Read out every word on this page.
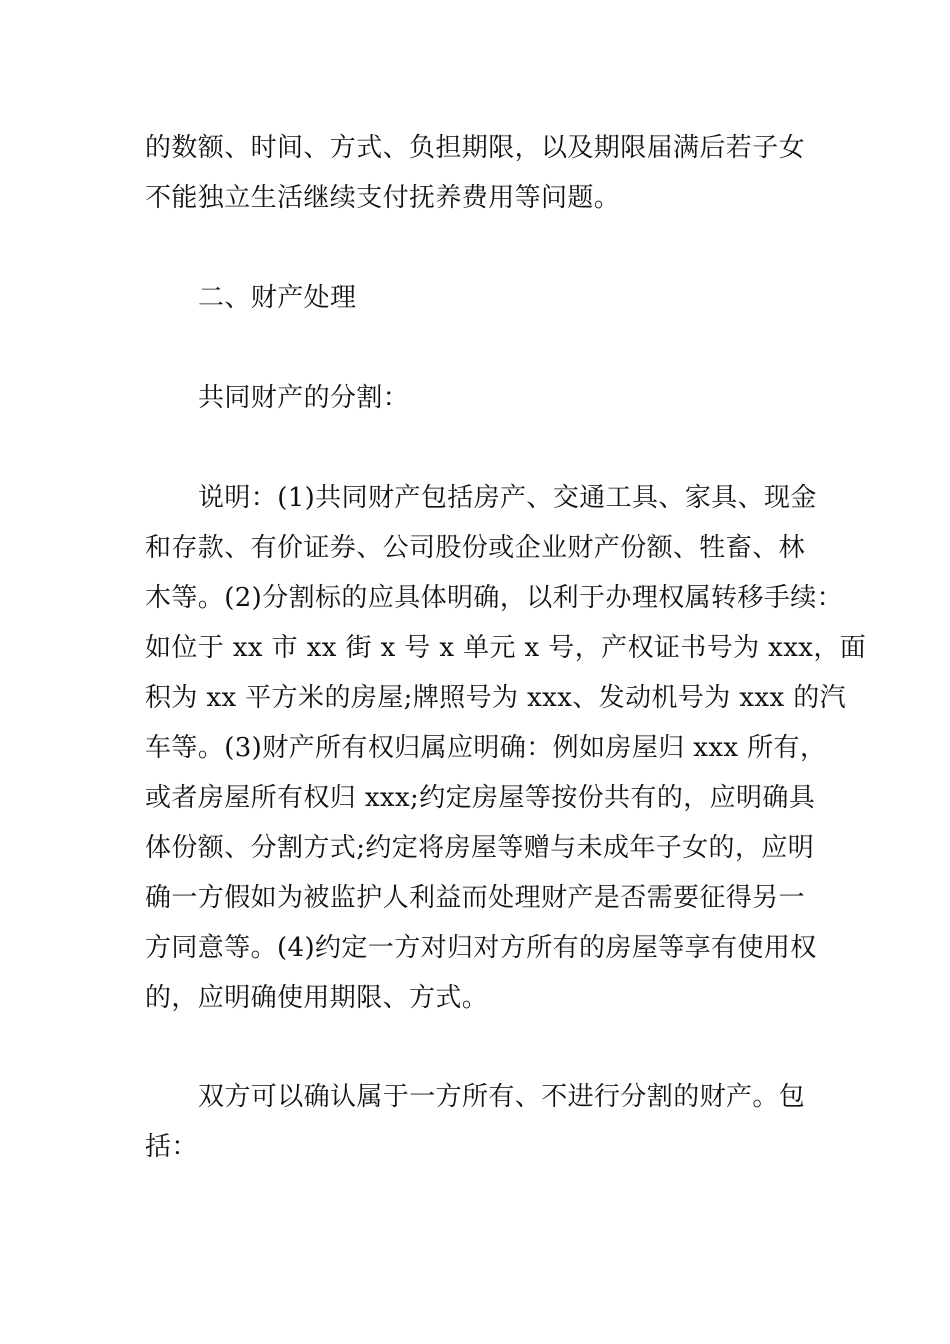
的数额、时间、方式、负担期限，以及期限届满后若子女
不能独立生活继续支付抚养费用等问题。
二、财产处理
共同财产的分割：
说明：(1)共同财产包括房产、交通工具、家具、现金
和存款、有价证券、公司股份或企业财产份额、牲畜、林
木等。(2)分割标的应具体明确，以利于办理权属转移手续：
如位于 xx 市 xx 街 x 号 x 单元 x 号，产权证书号为 xxx，面
积为 xx 平方米的房屋;牌照号为 xxx、发动机号为 xxx 的汽
车等。(3)财产所有权归属应明确：例如房屋归 xxx 所有，
或者房屋所有权归 xxx;约定房屋等按份共有的，应明确具
体份额、分割方式;约定将房屋等赠与未成年子女的，应明
确一方假如为被监护人利益而处理财产是否需要征得另一
方同意等。(4)约定一方对归对方所有的房屋等享有使用权
的，应明确使用期限、方式。
双方可以确认属于一方所有、不进行分割的财产。包
括：
